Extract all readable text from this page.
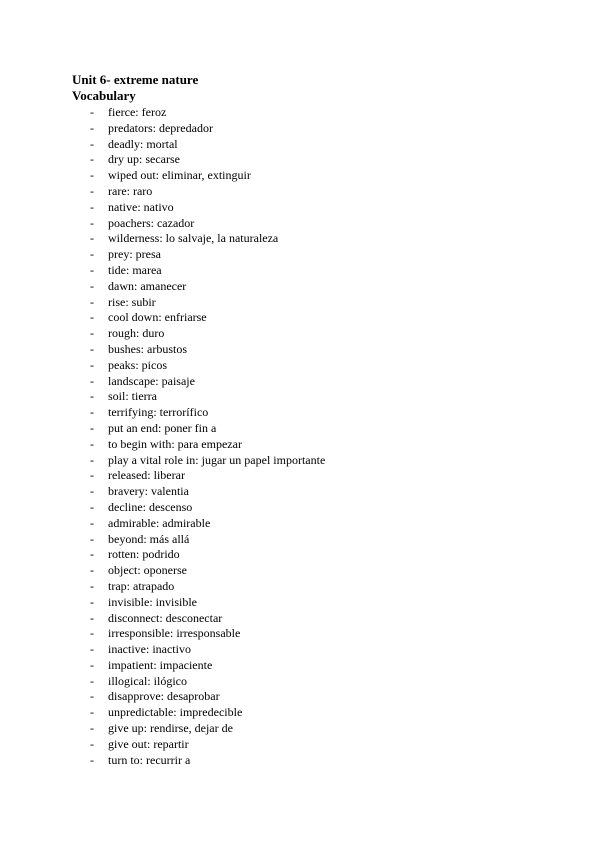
Unit 6- extreme nature
Vocabulary
- fierce: feroz
- predators: depredador
- deadly: mortal
- dry up: secarse
- wiped out: eliminar, extinguir
- rare: raro
- native: nativo
- poachers: cazador
- wilderness: lo salvaje, la naturaleza
- prey: presa
- tide: marea
- dawn: amanecer
- rise: subir
- cool down: enfriarse
- rough: duro
- bushes: arbustos
- peaks: picos
- landscape: paisaje
- soil: tierra
- terrifying: terrorífico
- put an end: poner fin a
- to begin with: para empezar
- play a vital role in: jugar un papel importante
- released: liberar
- bravery: valentia
- decline: descenso
- admirable: admirable
- beyond: más allá
- rotten: podrido
- object: oponerse
- trap: atrapado
- invisible: invisible
- disconnect: desconectar
- irresponsible: irresponsable
- inactive: inactivo
- impatient: impaciente
- illogical: ilógico
- disapprove: desaprobar
- unpredictable: impredecible
- give up: rendirse, dejar de
- give out: repartir
- turn to: recurrir a
